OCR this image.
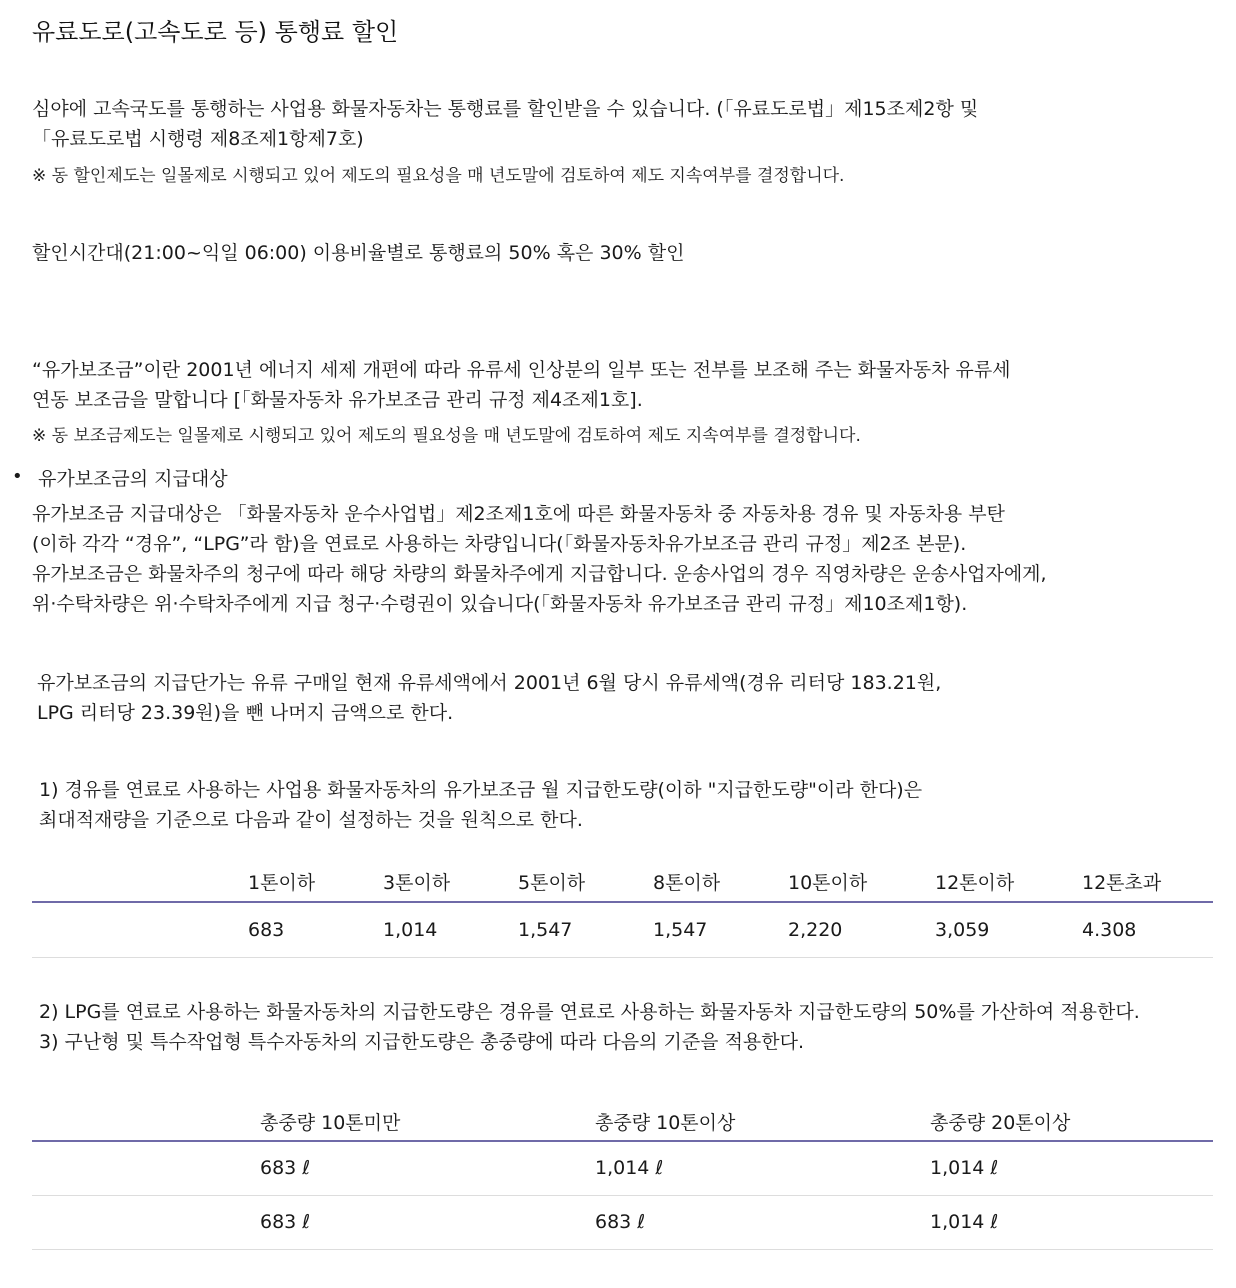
유료도로(고속도로 등) 통행료 할인
심야에 고속국도를 통행하는 사업용 화물자동차는 통행료를 할인받을 수 있습니다. (「유료도로법」제15조제2항 및
「유료도로법 시행령 제8조제1항제7호)
※ 동 할인제도는 일몰제로 시행되고 있어 제도의 필요성을 매 년도말에 검토하여 제도 지속여부를 결정합니다.
할인시간대(21:00~익일 06:00) 이용비율별로 통행료의 50% 혹은 30% 할인
“유가보조금”이란 2001년 에너지 세제 개편에 따라 유류세 인상분의 일부 또는 전부를 보조해 주는 화물자동차 유류세
연동 보조금을 말합니다 [「화물자동차 유가보조금 관리 규정 제4조제1호].
※ 동 보조금제도는 일몰제로 시행되고 있어 제도의 필요성을 매 년도말에 검토하여 제도 지속여부를 결정합니다.
• 유가보조금의 지급대상
유가보조금 지급대상은 「화물자동차 운수사업법」제2조제1호에 따른 화물자동차 중 자동차용 경유 및 자동차용 부탄
(이하 각각 “경유”, “LPG”라 함)을 연료로 사용하는 차량입니다(「화물자동차유가보조금 관리 규정」제2조 본문).
유가보조금은 화물차주의 청구에 따라 해당 차량의 화물차주에게 지급합니다. 운송사업의 경우 직영차량은 운송사업자에게,
위·수탁차량은 위·수탁차주에게 지급 청구·수령권이 있습니다(「화물자동차 유가보조금 관리 규정」제10조제1항).
유가보조금의 지급단가는 유류 구매일 현재 유류세액에서 2001년 6월 당시 유류세액(경유 리터당 183.21원,
LPG 리터당 23.39원)을 뺀 나머지 금액으로 한다.
1) 경유를 연료로 사용하는 사업용 화물자동차의 유가보조금 월 지급한도량(이하 "지급한도량"이라 한다)은
최대적재량을 기준으로 다음과 같이 설정하는 것을 원칙으로 한다.
	1톤이하	3톤이하	5톤이하	8톤이하	10톤이하	12톤이하	12톤초과
	683	1,014	1,547	1,547	2,220	3,059	4.308
2) LPG를 연료로 사용하는 화물자동차의 지급한도량은 경유를 연료로 사용하는 화물자동차 지급한도량의 50%를 가산하여 적용한다.
3) 구난형 및 특수작업형 특수자동차의 지급한도량은 총중량에 따라 다음의 기준을 적용한다.
	총중량 10톤미만	총중량 10톤이상	총중량 20톤이상
	683 ℓ	1,014 ℓ	1,014 ℓ
	683 ℓ	683 ℓ	1,014 ℓ
